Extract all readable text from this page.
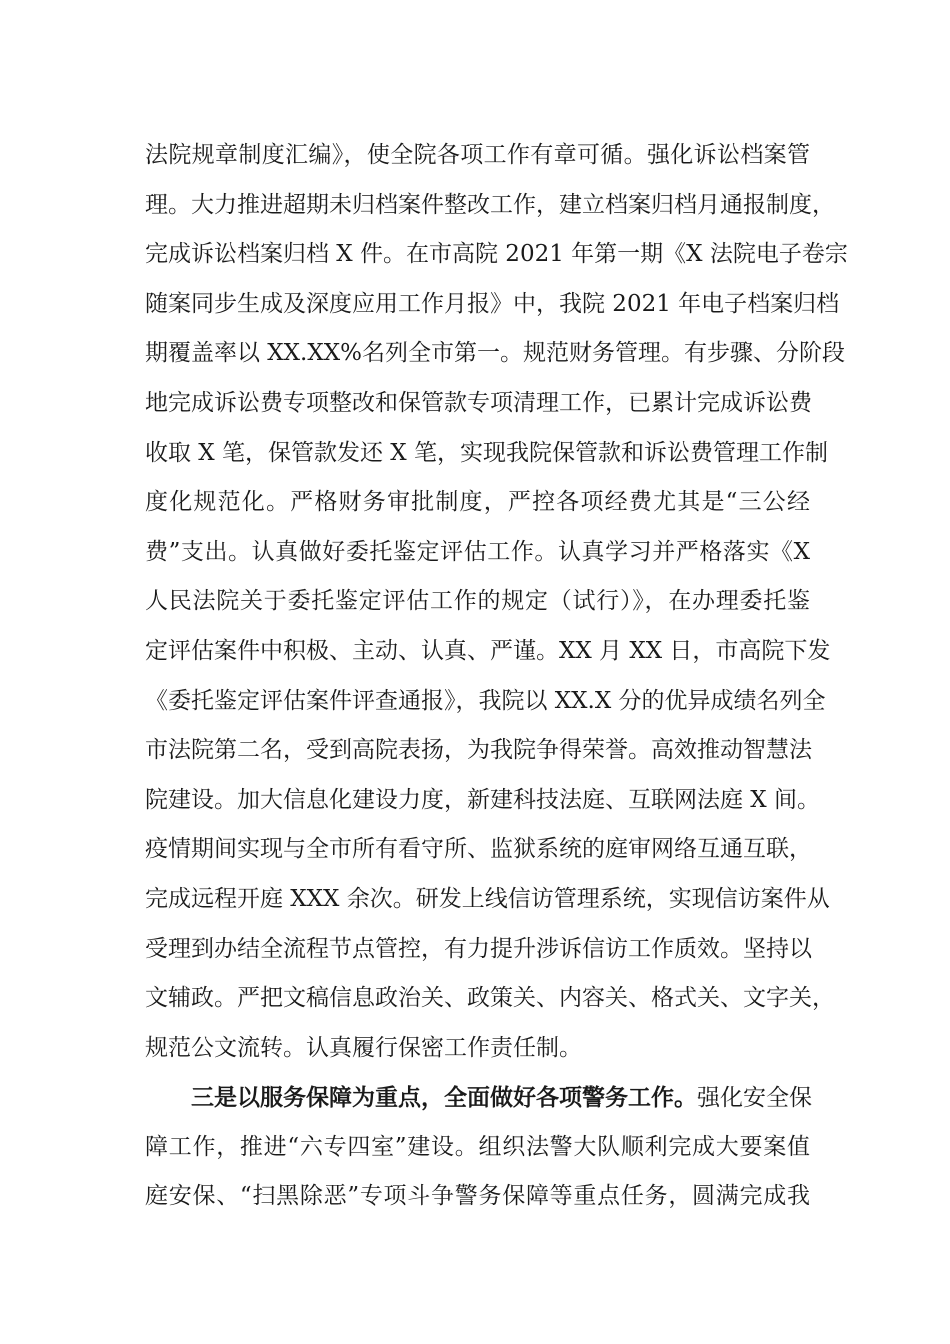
法院规章制度汇编》，使全院各项工作有章可循。强化诉讼档案管
理。大力推进超期未归档案件整改工作，建立档案归档月通报制度，
完成诉讼档案归档 X 件。在市高院 2021 年第一期《X 法院电子卷宗
随案同步生成及深度应用工作月报》中，我院 2021 年电子档案归档
期覆盖率以 XX.XX%名列全市第一。规范财务管理。有步骤、分阶段
地完成诉讼费专项整改和保管款专项清理工作，已累计完成诉讼费
收取 X 笔，保管款发还 X 笔，实现我院保管款和诉讼费管理工作制
度化规范化。严格财务审批制度，严控各项经费尤其是“三公经
费”支出。认真做好委托鉴定评估工作。认真学习并严格落实《X
人民法院关于委托鉴定评估工作的规定（试行）》，在办理委托鉴
定评估案件中积极、主动、认真、严谨。XX 月 XX 日，市高院下发
《委托鉴定评估案件评查通报》，我院以 XX.X 分的优异成绩名列全
市法院第二名，受到高院表扬，为我院争得荣誉。高效推动智慧法
院建设。加大信息化建设力度，新建科技法庭、互联网法庭 X 间。
疫情期间实现与全市所有看守所、监狱系统的庭审网络互通互联，
完成远程开庭 XXX 余次。研发上线信访管理系统，实现信访案件从
受理到办结全流程节点管控，有力提升涉诉信访工作质效。坚持以
文辅政。严把文稿信息政治关、政策关、内容关、格式关、文字关，
规范公文流转。认真履行保密工作责任制。
三是以服务保障为重点，全面做好各项警务工作。强化安全保
障工作，推进“六专四室”建设。组织法警大队顺利完成大要案值
庭安保、“扫黑除恶”专项斗争警务保障等重点任务，圆满完成我
